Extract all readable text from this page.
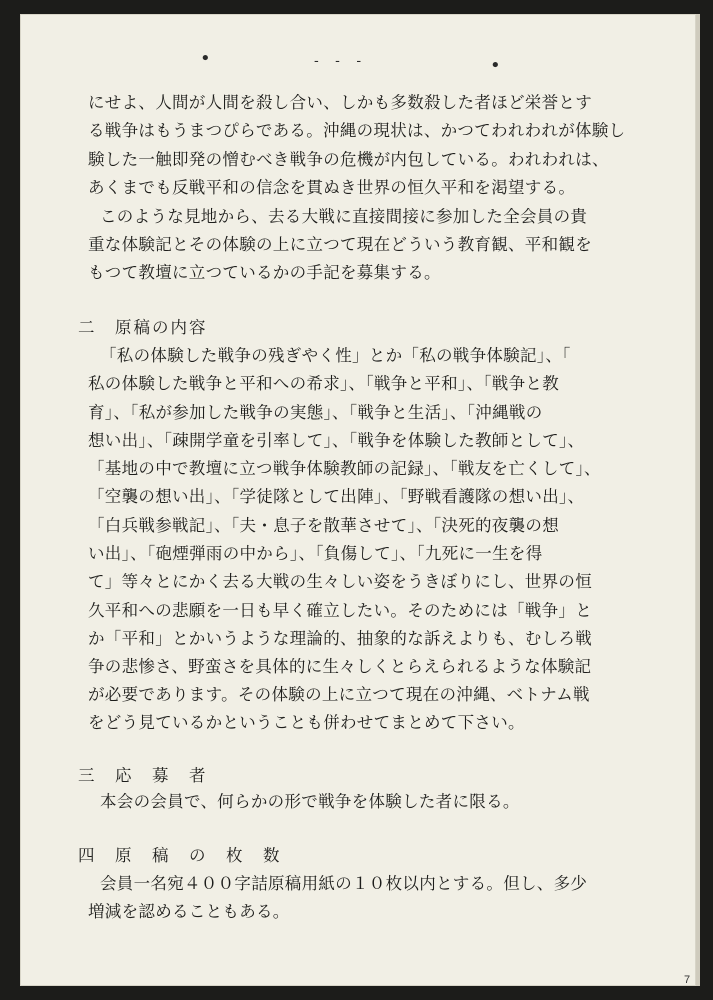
•	- - -	•
にせよ、人間が人間を殺し合い、しかも多数殺した者ほど栄誉とす
る戦争はもうまつぴらである。沖縄の現状は、かつてわれわれが体験し
験した一触即発の憎むべき戦争の危機が内包している。われわれは、
あくまでも反戦平和の信念を貫ぬき世界の恒久平和を渇望する。
このような見地から、去る大戦に直接間接に参加した全会員の貴
重な体験記とその体験の上に立つて現在どういう教育観、平和観を
もつて教壇に立つているかの手記を募集する。
二　原稿の内容
「私の体験した戦争の残ぎやく性」とか「私の戦争体験記」、「
私の体験した戦争と平和への希求」、「戦争と平和」、「戦争と教
育」、「私が参加した戦争の実態」、「戦争と生活」、「沖縄戦の
想い出」、「疎開学童を引率して」、「戦争を体験した教師として」、
「基地の中で教壇に立つ戦争体験教師の記録」、「戦友を亡くして」、
「空襲の想い出」、「学徒隊として出陣」、「野戦看護隊の想い出」、
「白兵戦参戦記」、「夫・息子を散華させて」、「決死的夜襲の想
い出」、「砲煙弾雨の中から」、「負傷して」、「九死に一生を得
て」等々とにかく去る大戦の生々しい姿をうきぼりにし、世界の恒
久平和への悲願を一日も早く確立したい。そのためには「戦争」と
か「平和」とかいうような理論的、抽象的な訴えよりも、むしろ戦
争の悲惨さ、野蛮さを具体的に生々しくとらえられるような体験記
が必要であります。その体験の上に立つて現在の沖縄、ベトナム戦
をどう見ているかということも併わせてまとめて下さい。
三　応　募　者
本会の会員で、何らかの形で戦争を体験した者に限る。
四　原　稿　の　枚　数
会員一名宛４００字詰原稿用紙の１０枚以内とする。但し、多少
増減を認めることもある。
7
